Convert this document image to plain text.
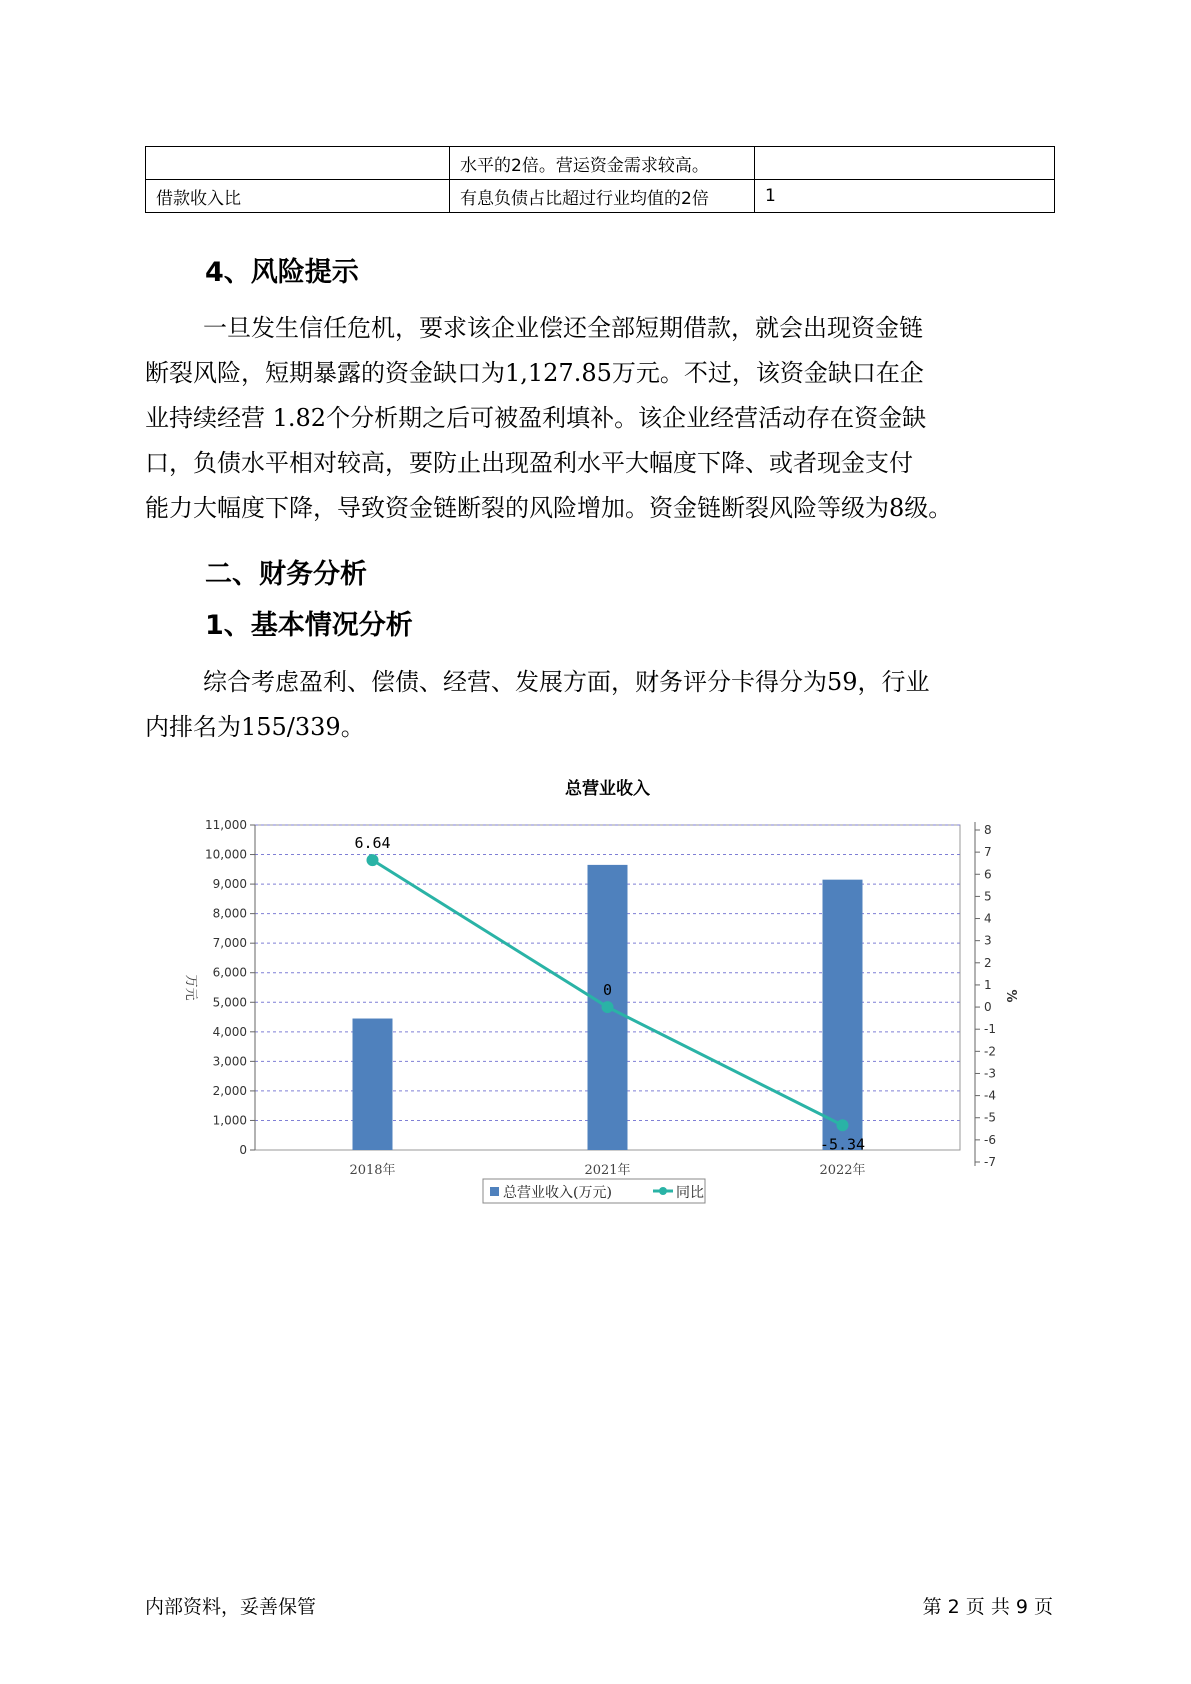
	水平的2倍。营运资金需求较高。	
借款收入比	有息负债占比超过行业均值的2倍	1
4、风险提示
一旦发生信任危机，要求该企业偿还全部短期借款，就会出现资金链
断裂风险，短期暴露的资金缺口为1,127.85万元。不过，该资金缺口在企
业持续经营 1.82个分析期之后可被盈利填补。该企业经营活动存在资金缺
口，负债水平相对较高，要防止出现盈利水平大幅度下降、或者现金支付
能力大幅度下降，导致资金链断裂的风险增加。资金链断裂风险等级为8级。
二、财务分析
1、基本情况分析
综合考虑盈利、偿债、经营、发展方面，财务评分卡得分为59，行业
内排名为155/339。
总营业收入
0
1,000
2,000
3,000
4,000
5,000
6,000
7,000
8,000
9,000
10,000
11,000
万元
-7
-6
-5
-4
-3
-2
-1
0
1
2
3
4
5
6
7
8
%
2018年	2021年	2022年
6.64
0
-5.34
总营业收入(万元)	同比
内部资料，妥善保管	第 2 页 共 9 页
